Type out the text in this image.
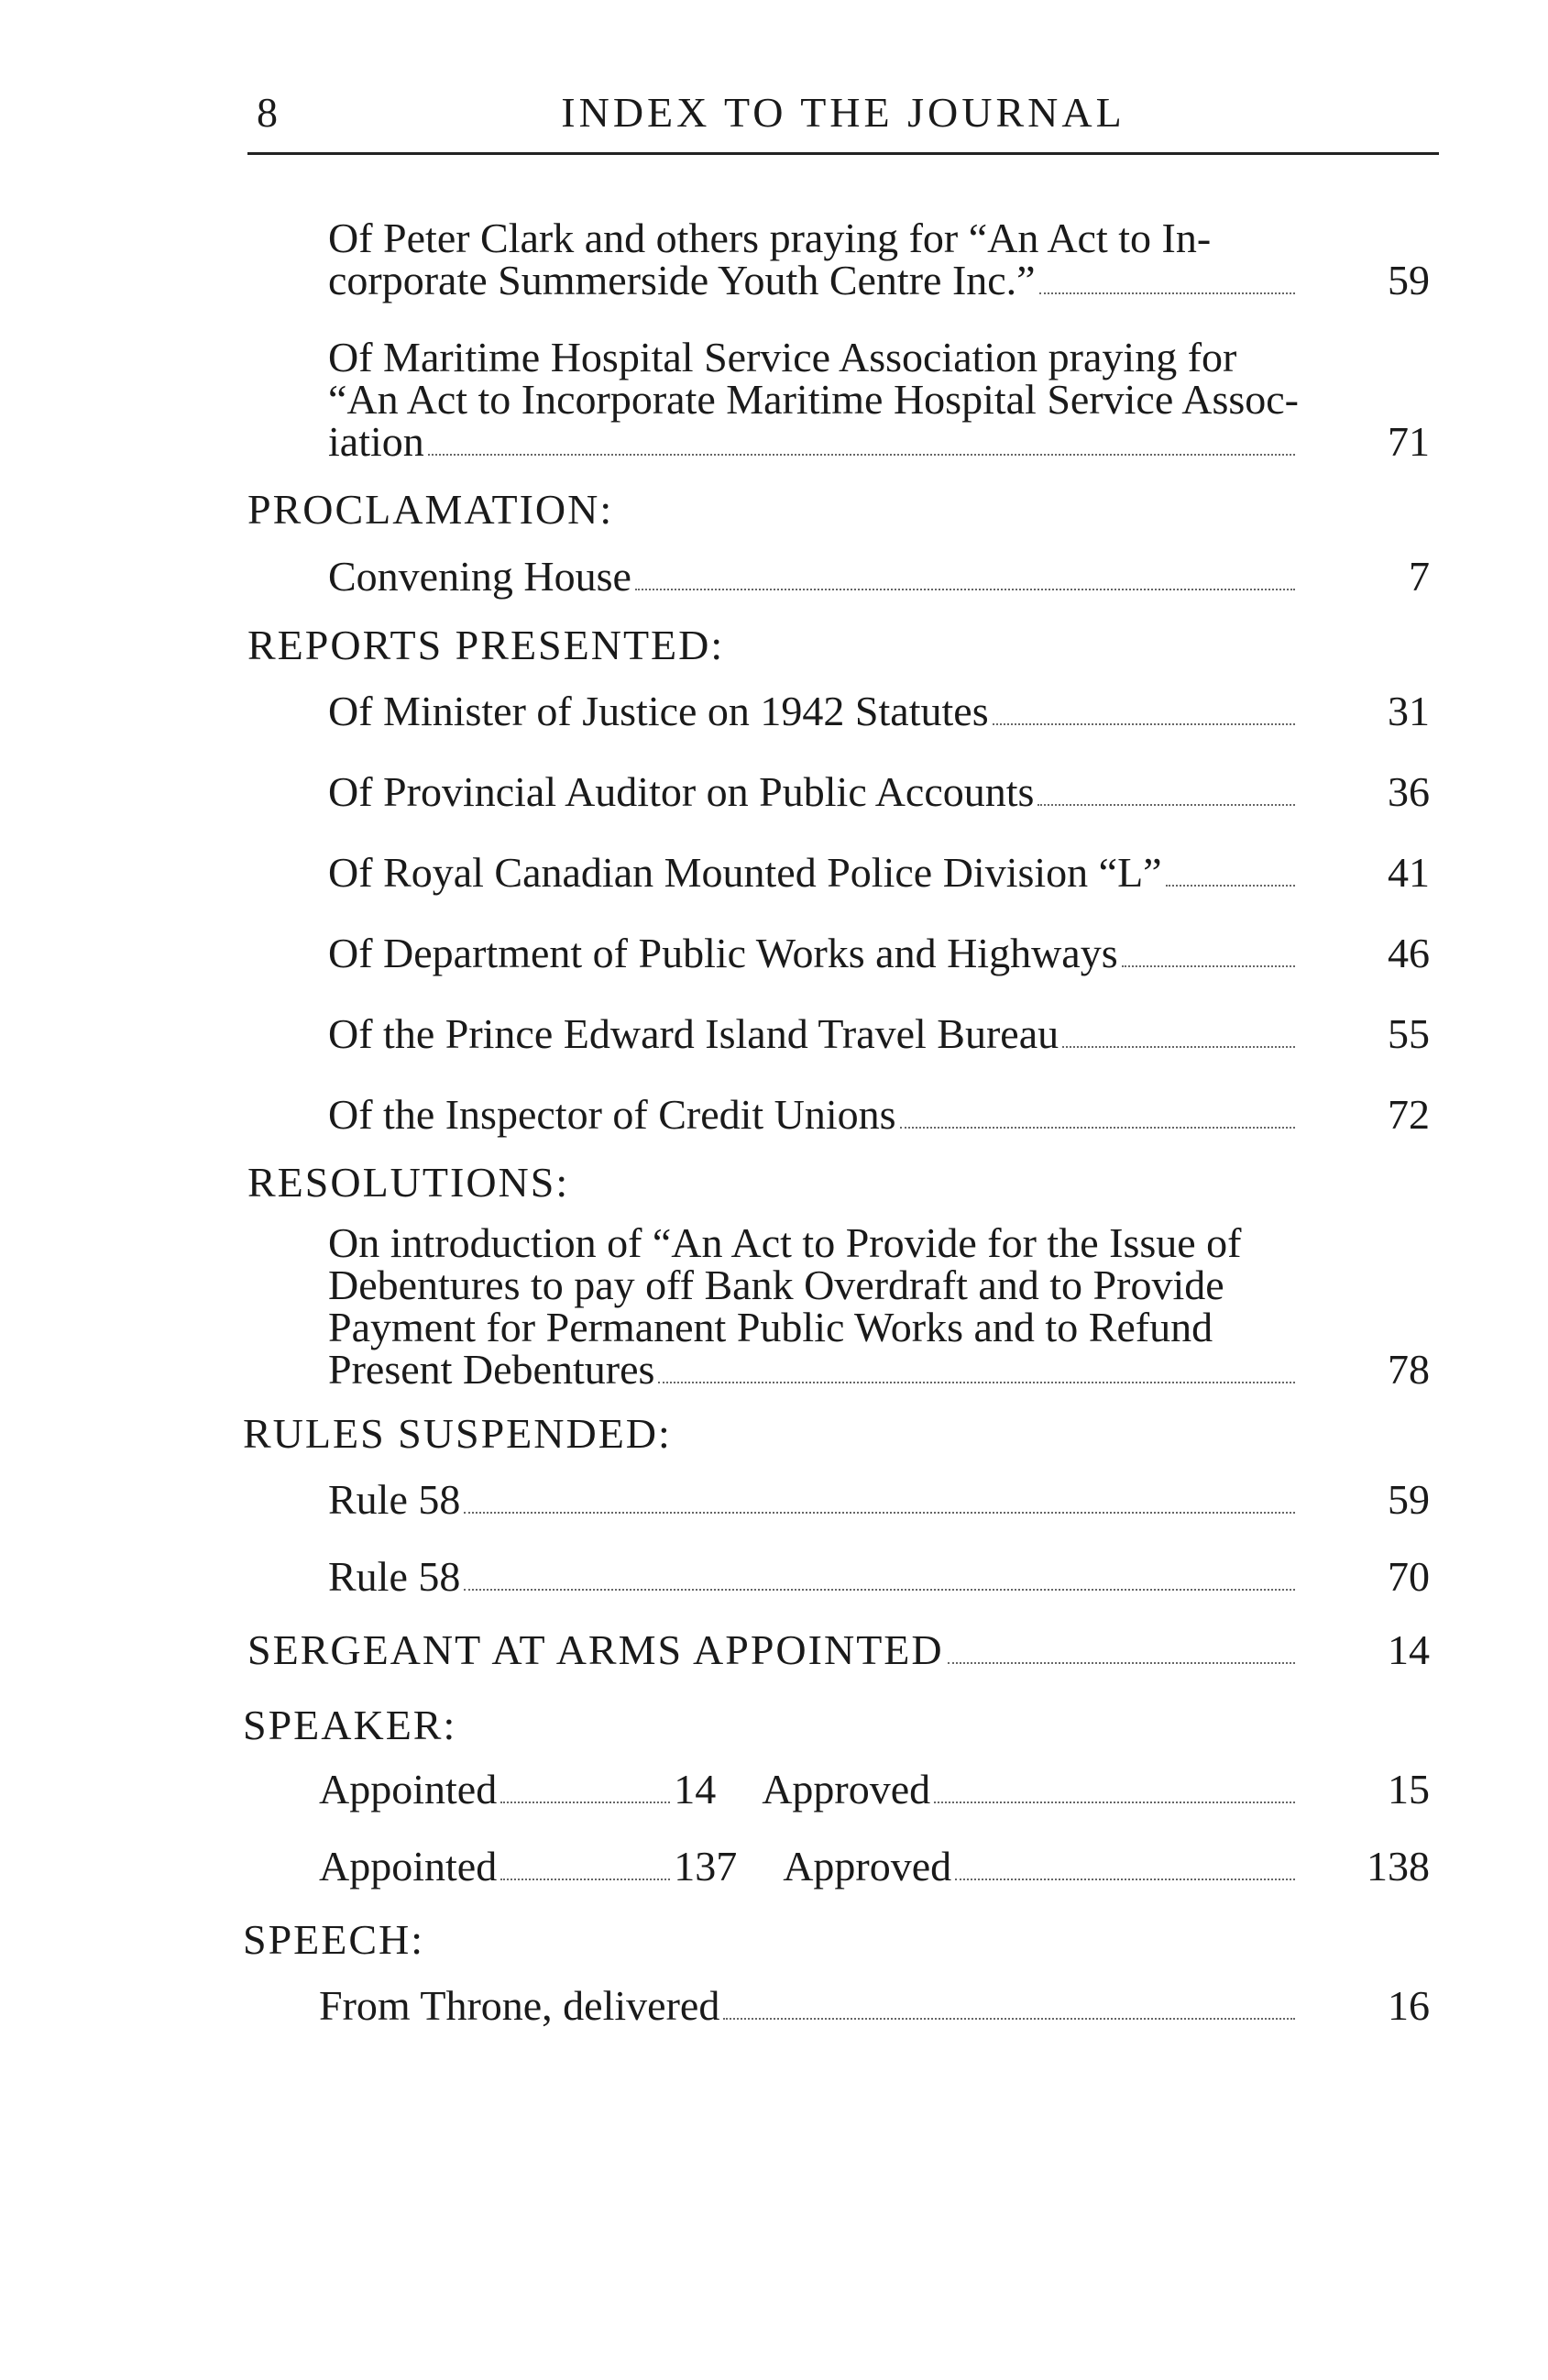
8	INDEX TO THE JOURNAL
Of Peter Clark and others praying for “An Act to In-
corporate Summerside Youth Centre Inc.”	59
Of Maritime Hospital Service Association praying for
“An Act to Incorporate Maritime Hospital Service Assoc-
iation	71
PROCLAMATION:
Convening House	7
REPORTS PRESENTED:
Of Minister of Justice on 1942 Statutes	31
Of Provincial Auditor on Public Accounts	36
Of Royal Canadian Mounted Police Division “L”	41
Of Department of Public Works and Highways	46
Of the Prince Edward Island Travel Bureau	55
Of the Inspector of Credit Unions	72
RESOLUTIONS:
On introduction of “An Act to Provide for the Issue of
Debentures to pay off Bank Overdraft and to Provide
Payment for Permanent Public Works and to Refund
Present Debentures	78
RULES SUSPENDED:
Rule 58	59
Rule 58	70
SERGEANT AT ARMS APPOINTED	14
SPEAKER:
Appointed	14	Approved	15
Appointed	137	Approved	138
SPEECH:
From Throne, delivered	16
